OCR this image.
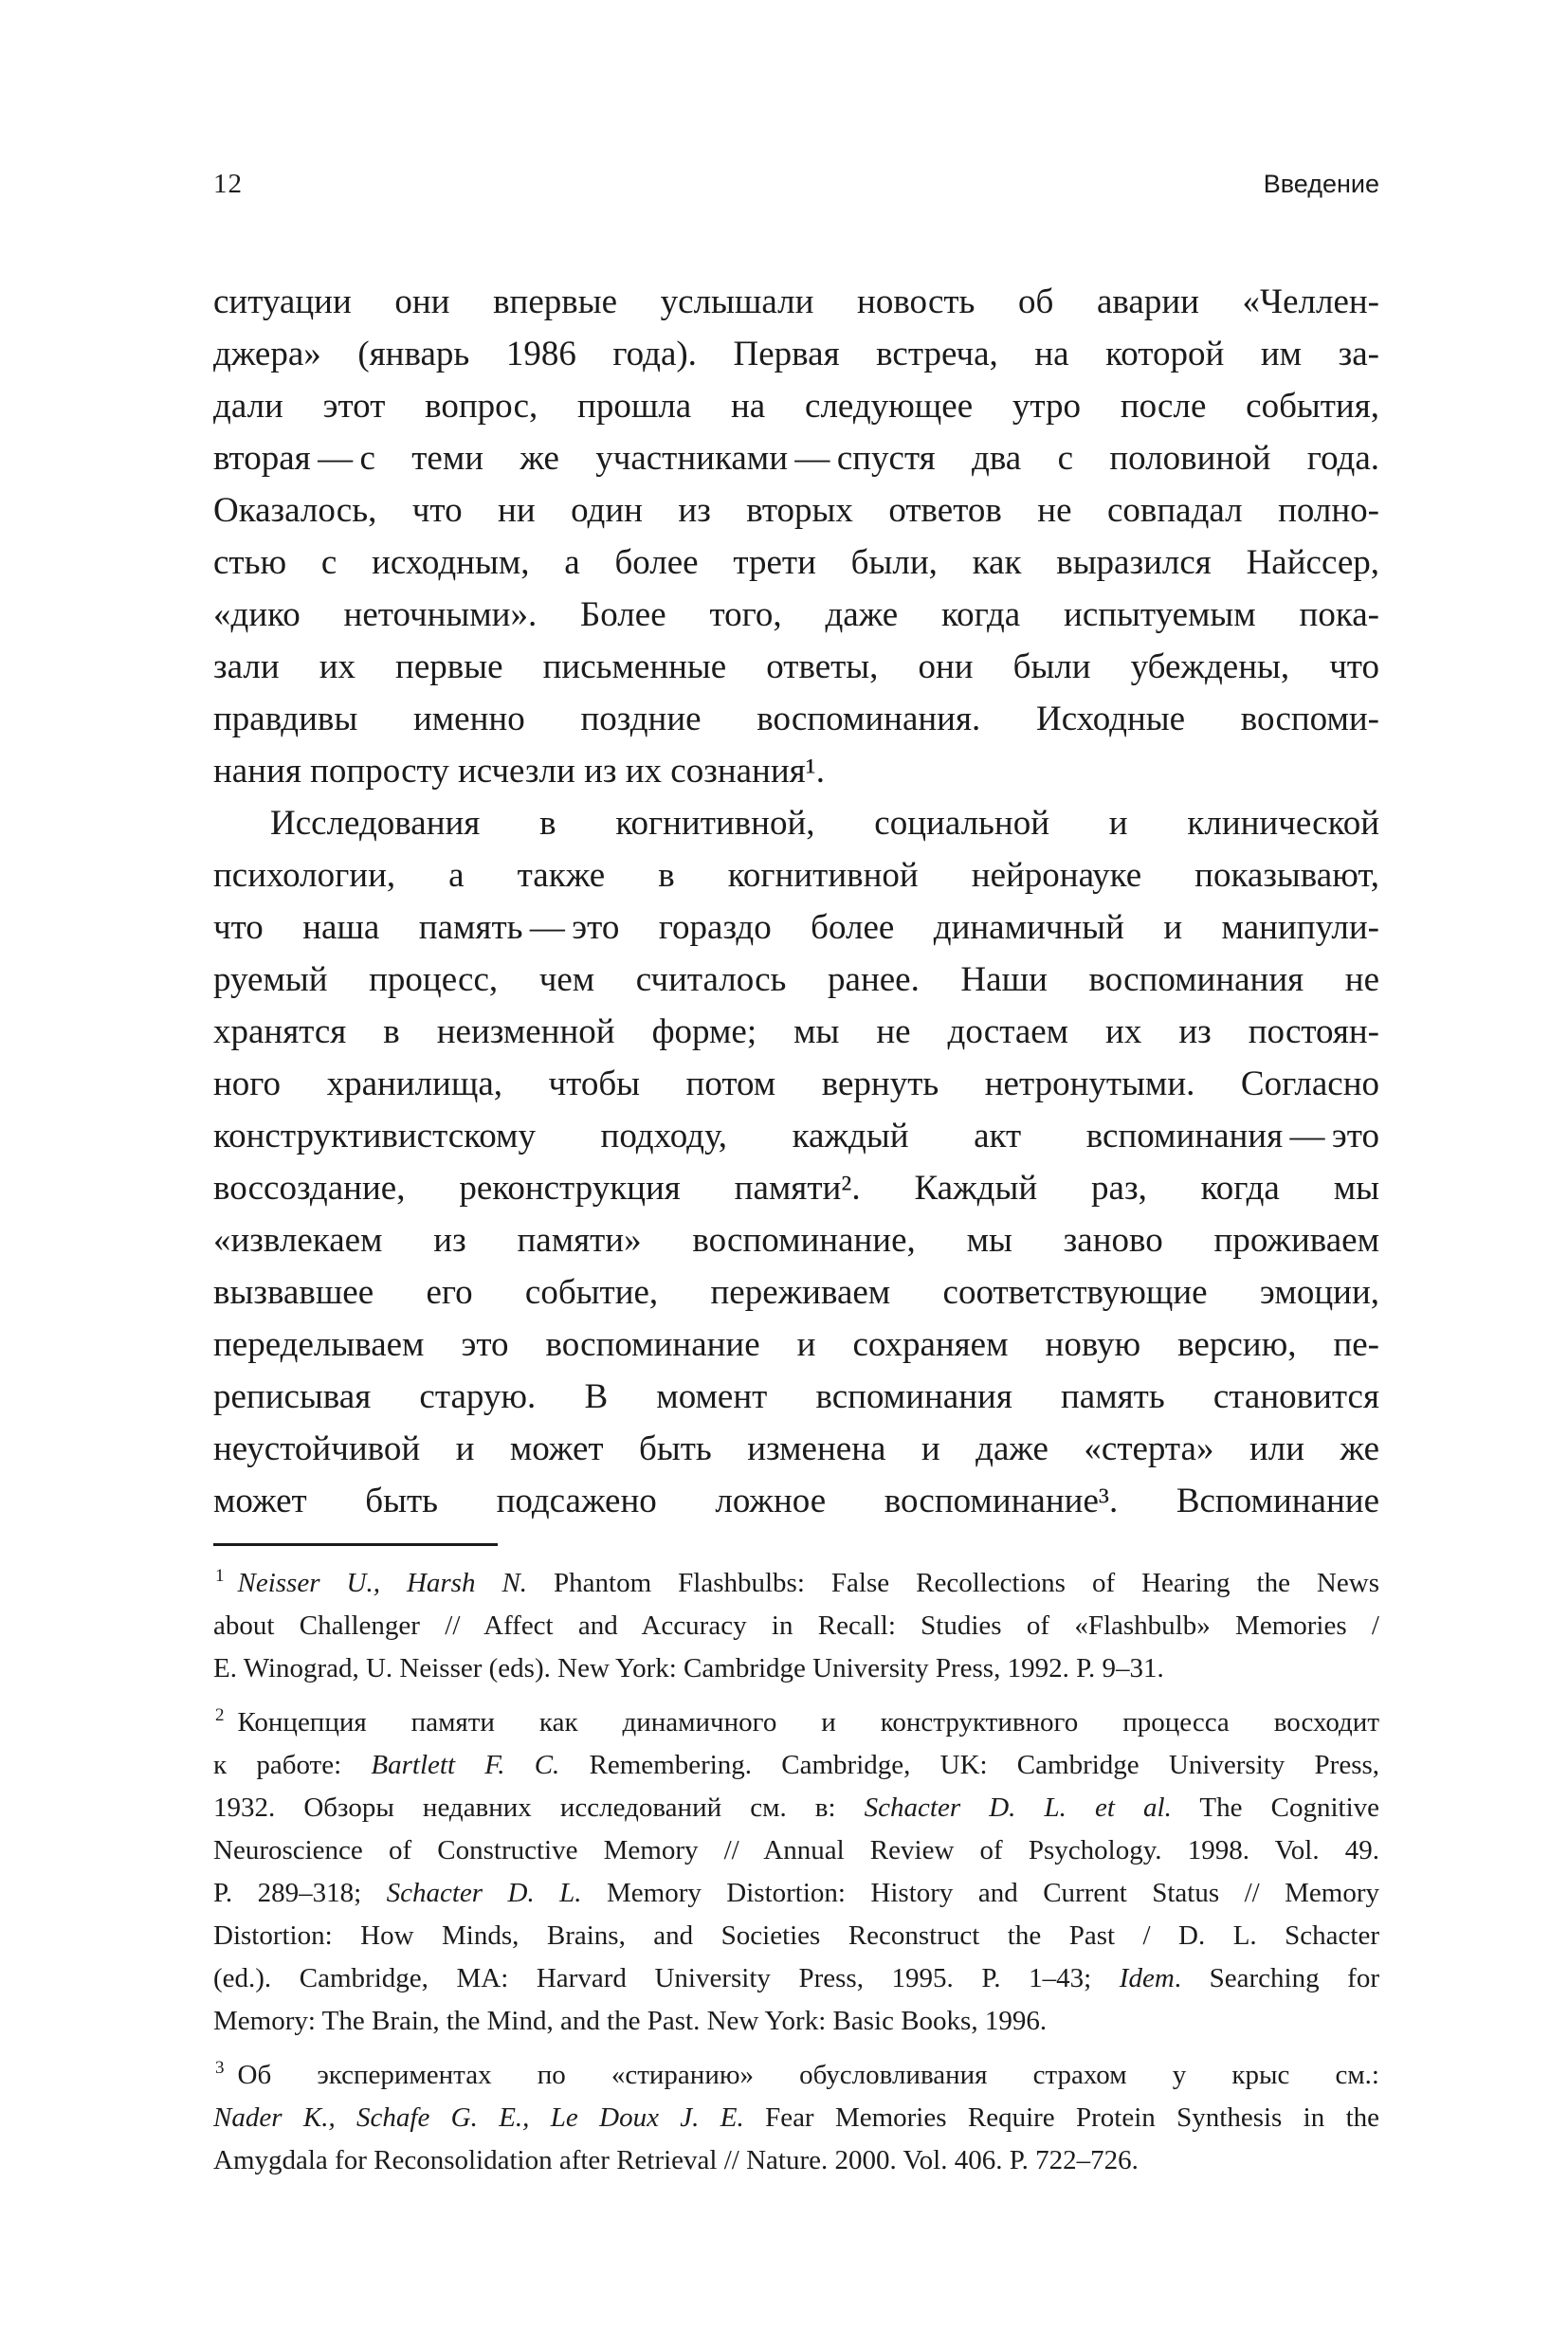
12	Введение
ситуации они впервые услышали новость об аварии «Челлен-
джера» (январь 1986 года). Первая встреча, на которой им за-
дали этот вопрос, прошла на следующее утро после события,
вторая — с теми же участниками — спустя два с половиной года.
Оказалось, что ни один из вторых ответов не совпадал полно-
стью с исходным, а более трети были, как выразился Найссер,
«дико неточными». Более того, даже когда испытуемым пока-
зали их первые письменные ответы, они были убеждены, что
правдивы именно поздние воспоминания. Исходные воспоми-
нания попросту исчезли из их сознания¹.
Исследования в когнитивной, социальной и клинической
психологии, а также в когнитивной нейронауке показывают,
что наша память — это гораздо более динамичный и манипули-
руемый процесс, чем считалось ранее. Наши воспоминания не
хранятся в неизменной форме; мы не достаем их из постоян-
ного хранилища, чтобы потом вернуть нетронутыми. Согласно
конструктивистскому подходу, каждый акт вспоминания — это
воссоздание, реконструкция памяти². Каждый раз, когда мы
«извлекаем из памяти» воспоминание, мы заново проживаем
вызвавшее его событие, переживаем соответствующие эмоции,
переделываем это воспоминание и сохраняем новую версию, пе-
реписывая старую. В момент вспоминания память становится
неустойчивой и может быть изменена и даже «стерта» или же
может быть подсажено ложное воспоминание³. Вспоминание
$^1$ Neisser U., Harsh N. Phantom Flashbulbs: False Recollections of Hearing the News
about Challenger // Affect and Accuracy in Recall: Studies of «Flashbulb» Memories /
E. Winograd, U. Neisser (eds). New York: Cambridge University Press, 1992. P. 9–31.
$^2$ Концепция памяти как динамичного и конструктивного процесса восходит
к работе: Bartlett F. C. Remembering. Cambridge, UK: Cambridge University Press,
1932. Обзоры недавних исследований см. в: Schacter D. L. et al. The Cognitive
Neuroscience of Constructive Memory // Annual Review of Psychology. 1998. Vol. 49.
P. 289–318; Schacter D. L. Memory Distortion: History and Current Status // Memory
Distortion: How Minds, Brains, and Societies Reconstruct the Past / D. L. Schacter
(ed.). Cambridge, MA: Harvard University Press, 1995. P. 1–43; Idem. Searching for
Memory: The Brain, the Mind, and the Past. New York: Basic Books, 1996.
$^3$ Об экспериментах по «стиранию» обусловливания страхом у крыс см.:
Nader K., Schafe G. E., Le Doux J. E. Fear Memories Require Protein Synthesis in the
Amygdala for Reconsolidation after Retrieval // Nature. 2000. Vol. 406. P. 722–726.
